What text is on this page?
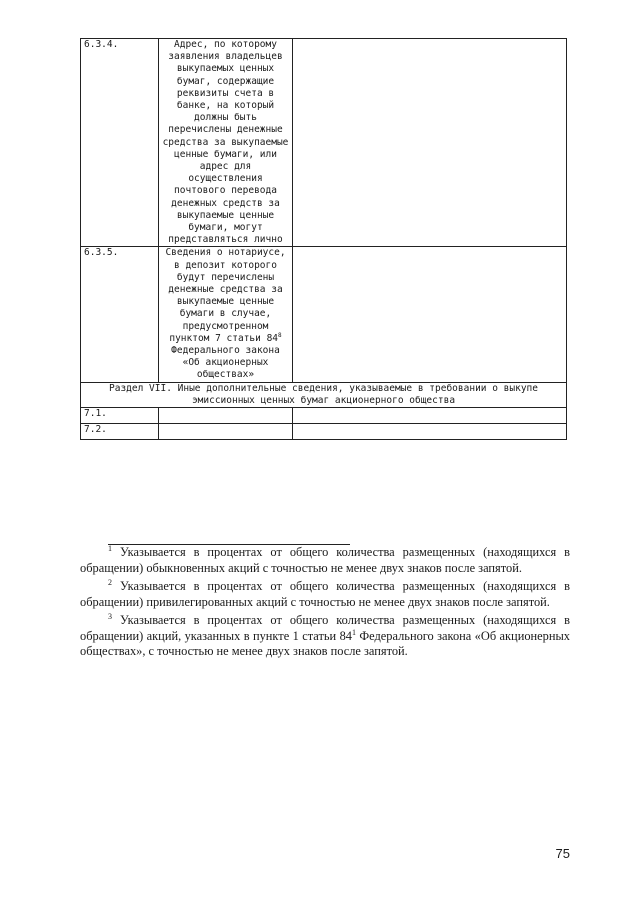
6.3.4.	Адрес, по которому заявления владельцев выкупаемых ценных бумаг, содержащие реквизиты счета в банке, на который должны быть перечислены денежные средства за выкупаемые ценные бумаги, или адрес для осуществления почтового перевода денежных средств за выкупаемые ценные бумаги, могут представляться лично	
6.3.5.	Сведения о нотариусе, в депозит которого будут перечислены денежные средства за выкупаемые ценные бумаги в случае, предусмотренном пунктом 7 статьи $84^8$ Федерального закона «Об акционерных обществах»	
Раздел VII. Иные дополнительные сведения, указываемые в требовании о выкупе эмиссионных ценных бумаг акционерного общества		
7.1.		
7.2.		

$^1$ Указывается в процентах от общего количества размещенных (находящихся в обращении) обыкновенных акций с точностью не менее двух знаков после запятой.

$^2$ Указывается в процентах от общего количества размещенных (находящихся в обращении) привилегированных акций с точностью не менее двух знаков после запятой.

$^3$ Указывается в процентах от общего количества размещенных (находящихся в обращении) акций, указанных в пункте 1 статьи 84$^1$ Федерального закона «Об акционерных обществах», с точностью не менее двух знаков после запятой.

75
